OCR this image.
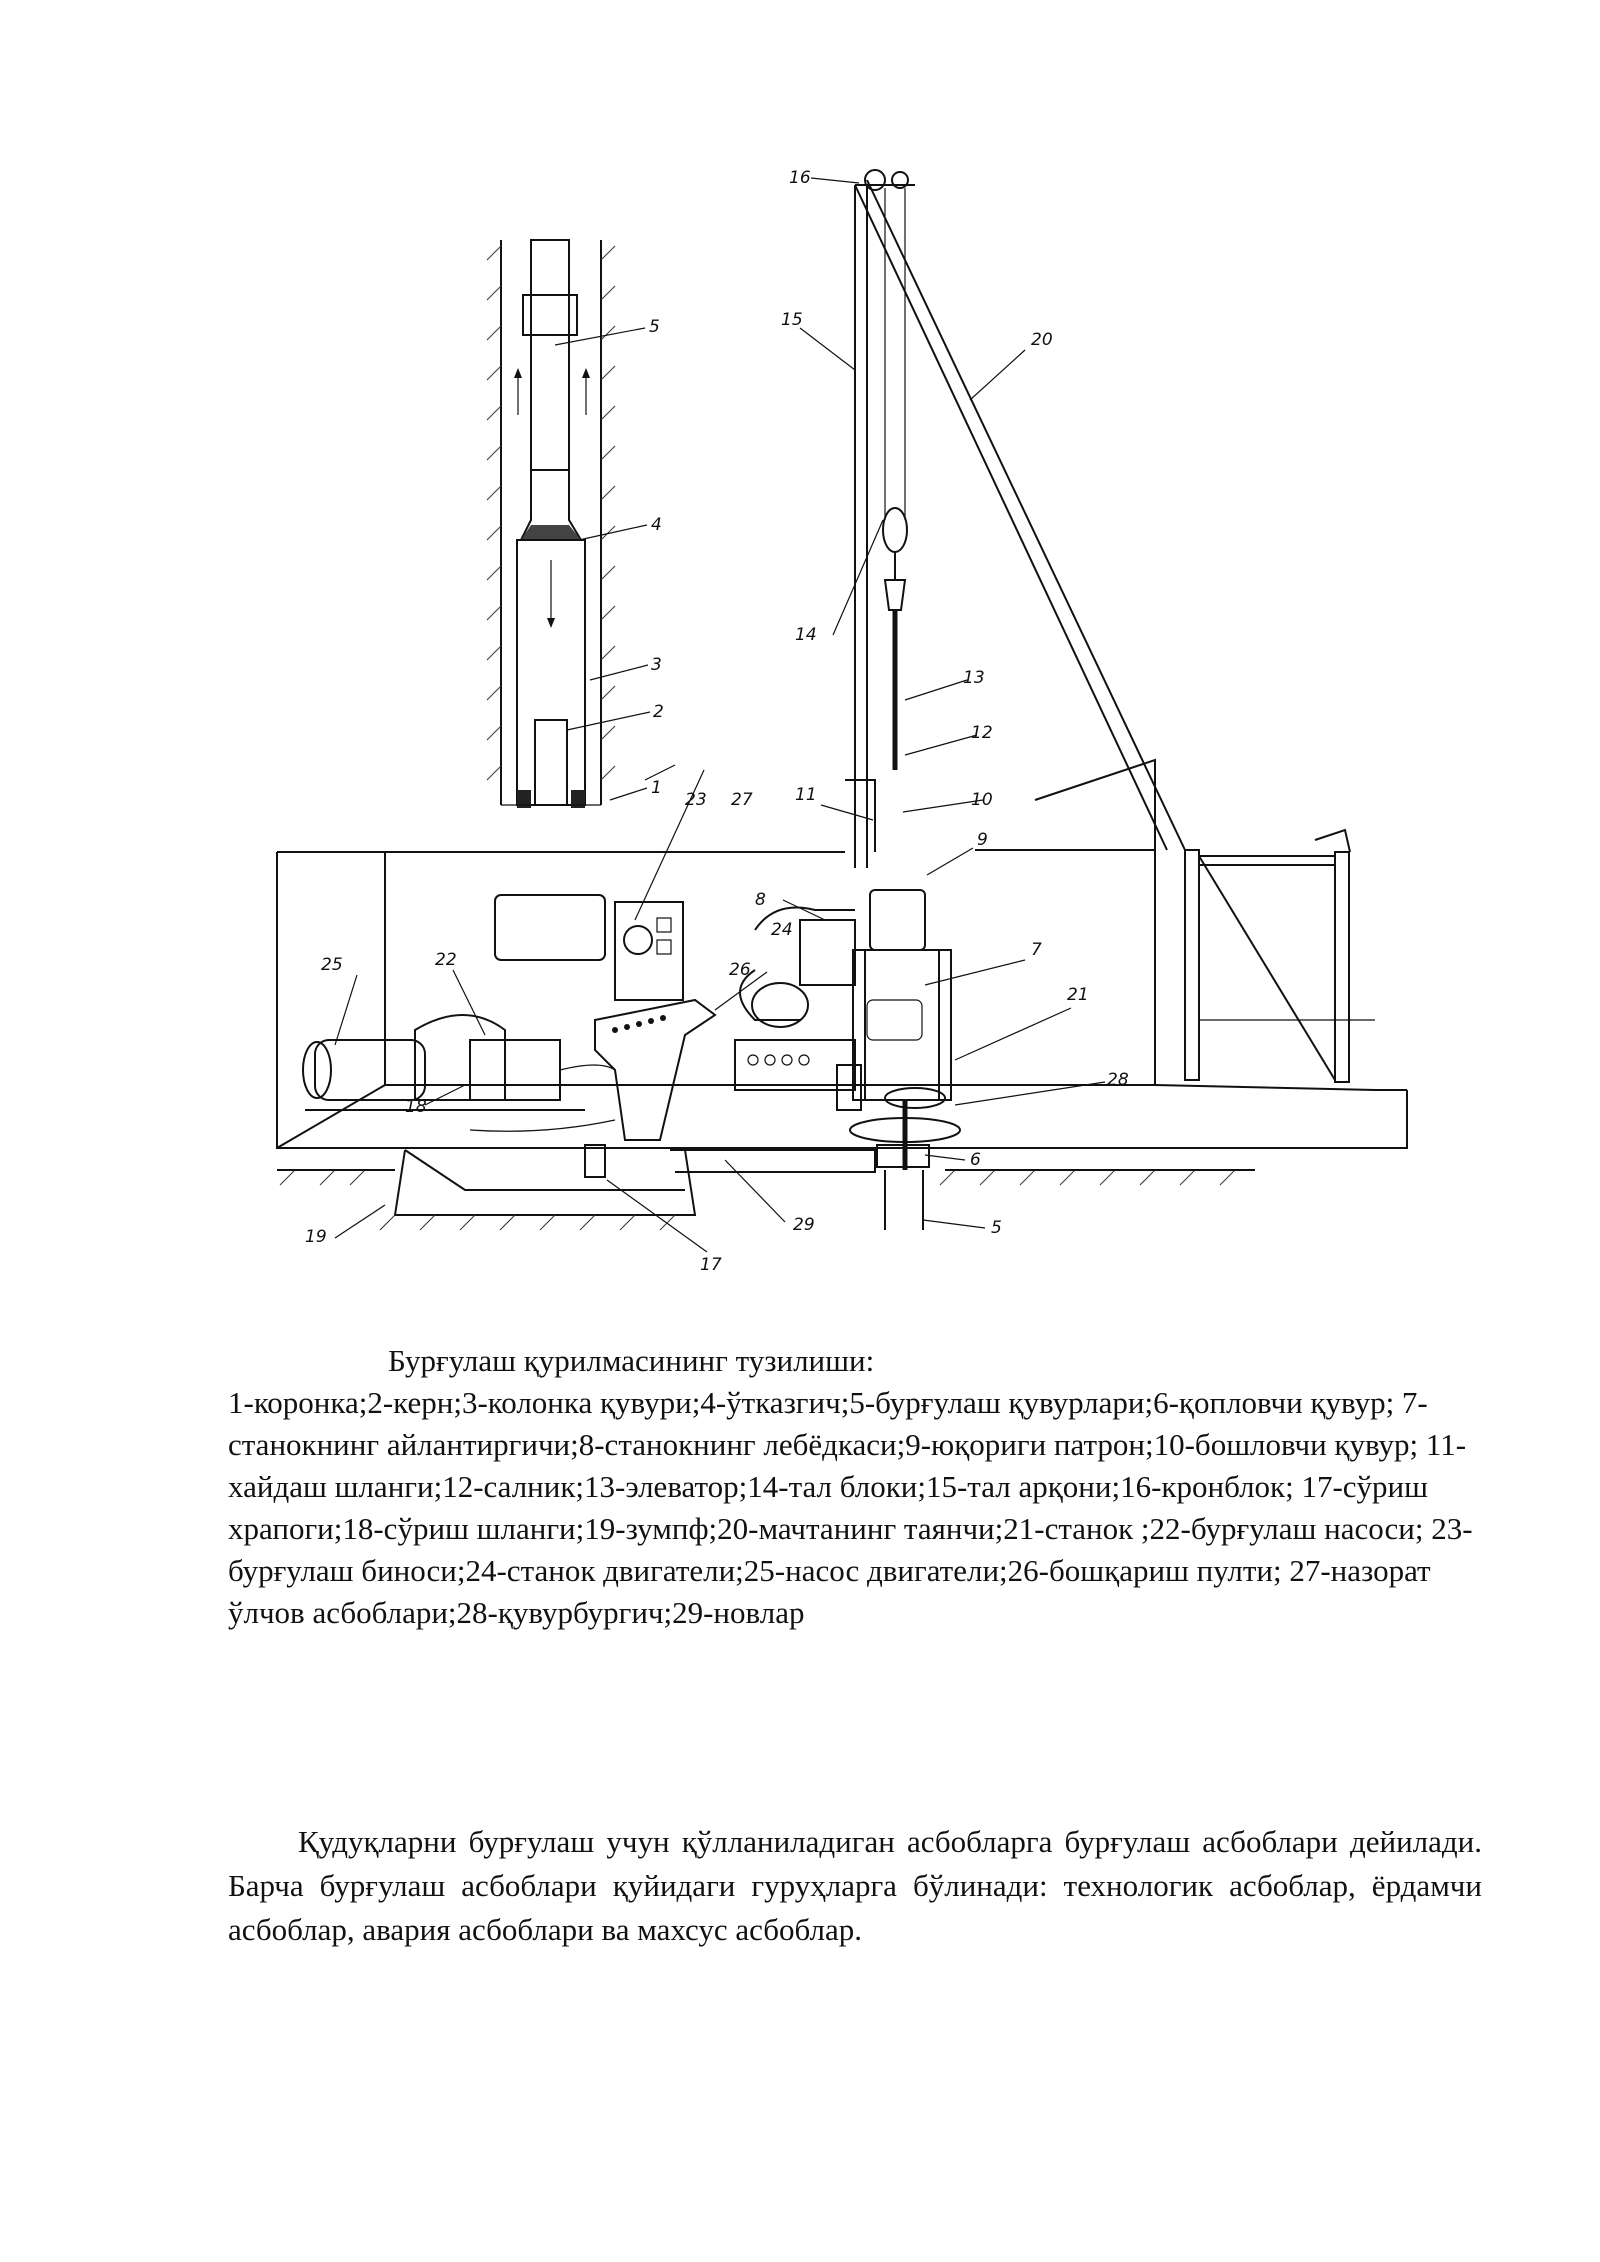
1
2
3
4
5
5
6
7
8
9
10
11
12
13
14
15
16
17
18
19
20
21
22
23
24
25	26
27
28
29
Бурғулаш қурилмасининг тузилиши:
1-коронка;2-керн;3-колонка қувури;4-ўтказгич;5-бурғулаш қувурлари;6-қопловчи қувур; 7-станокнинг айлантиргичи;8-станокнинг лебёдкаси;9-юқориги патрон;10-бошловчи қувур; 11-хайдаш шланги;12-салник;13-элеватор;14-тал блоки;15-тал арқони;16-кронблок; 17-сўриш храпоги;18-сўриш шланги;19-зумпф;20-мачтанинг таянчи;21-станок ;22-бурғулаш насоси; 23-бурғулаш биноси;24-станок двигатели;25-насос двигатели;26-бошқариш пулти; 27-назорат ўлчов асбоблари;28-қувурбургич;29-новлар

Қудуқларни бурғулаш учун қўлланиладиган асбобларга бурғулаш асбоблари дейилади. Барча бурғулаш асбоблари қуйидаги гуруҳларга бўлинади: технологик асбоблар, ёрдамчи асбоблар, авария асбоблари ва махсус асбоблар.
